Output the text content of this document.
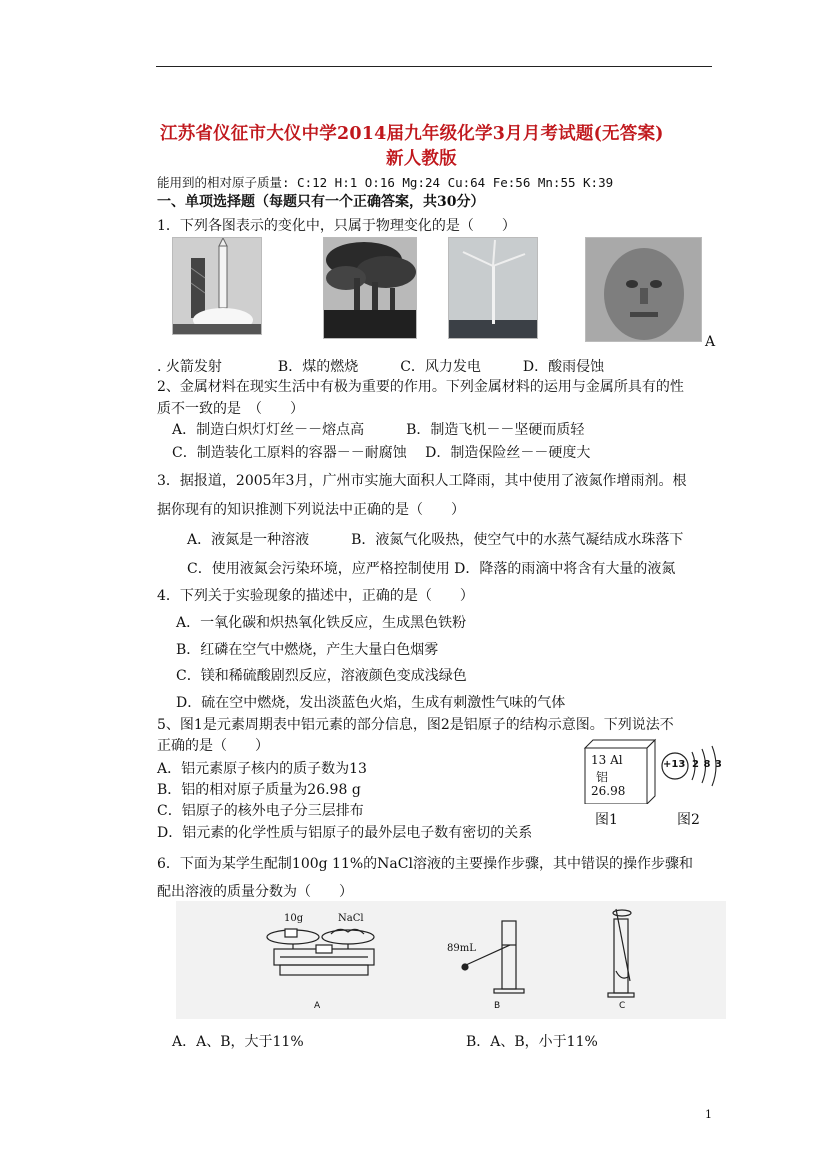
江苏省仪征市大仪中学2014届九年级化学3月月考试题(无答案)
新人教版
能用到的相对原子质量: C:12 H:1 O:16 Mg:24 Cu:64 Fe:56 Mn:55 K:39
一、单项选择题（每题只有一个正确答案，共30分）
1．下列各图表示的变化中，只属于物理变化的是（　　）
A
. 火箭发射　　　　B．煤的燃烧　　　C．风力发电　　　D．酸雨侵蚀
2、金属材料在现实生活中有极为重要的作用。下列金属材料的运用与金属所具有的性
质不一致的是　（　　）
A．制造白炽灯灯丝－－熔点高　　　B．制造飞机－－坚硬而质轻
C．制造装化工原料的容器－－耐腐蚀　 D．制造保险丝－－硬度大
3．据报道，2005年3月，广州市实施大面积人工降雨，其中使用了液氮作增雨剂。根
据你现有的知识推测下列说法中正确的是（　　）
A．液氮是一种溶液　　　B．液氮气化吸热，使空气中的水蒸气凝结成水珠落下
C．使用液氮会污染环境，应严格控制使用 D．降落的雨滴中将含有大量的液氮
4．下列关于实验现象的描述中，正确的是（　　）
A．一氧化碳和炽热氧化铁反应，生成黑色铁粉
B．红磷在空气中燃烧，产生大量白色烟雾
C．镁和稀硫酸剧烈反应，溶液颜色变成浅绿色
D．硫在空中燃烧，发出淡蓝色火焰，生成有刺激性气味的气体
5、图1是元素周期表中铝元素的部分信息，图2是铝原子的结构示意图。下列说法不
正确的是（　　）
A．铝元素原子核内的质子数为13
B．铝的相对原子质量为26.98 g
C．铝原子的核外电子分三层排布
D．铝元素的化学性质与铝原子的最外层电子数有密切的关系
13 Al
铝
26.98
图1
+13 2 8 3
图2
6．下面为某学生配制100g 11%的NaCl溶液的主要操作步骤，其中错误的操作步骤和
配出溶液的质量分数为（　　）
10g	NaCl
89mL
A	B	C
A．A、B，大于11%	B．A、B，小于11%
1
